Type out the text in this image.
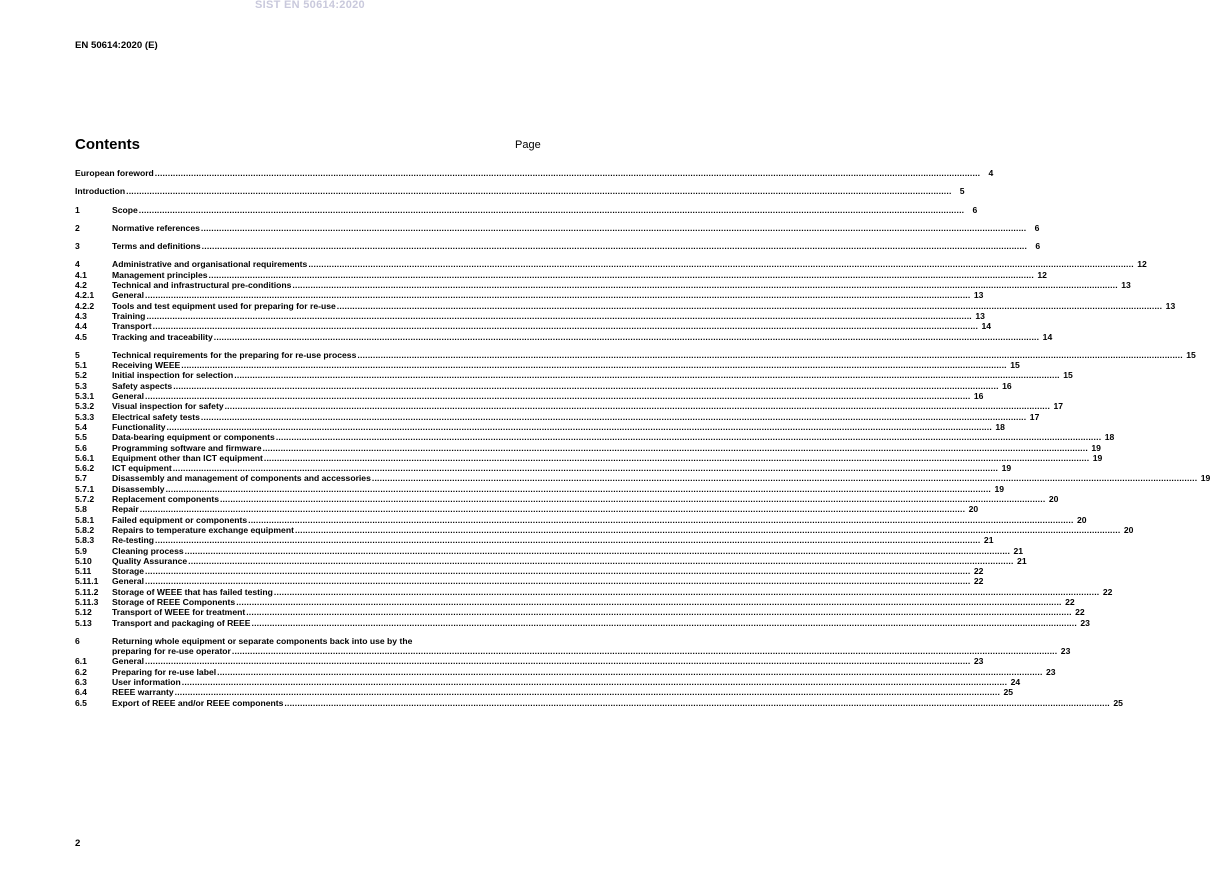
SIST EN 50614:2020
EN 50614:2020 (E)
Contents	Page
European foreword .....	4
Introduction .....	5
1	Scope .....	6
2	Normative references .....	6
3	Terms and definitions .....	6
4	Administrative and organisational requirements .....	12
4.1	Management principles .....	12
4.2	Technical and infrastructural pre-conditions .....	13
4.2.1	General .....	13
4.2.2	Tools and test equipment used for preparing for re-use .....	13
4.3	Training .....	13
4.4	Transport .....	14
4.5	Tracking and traceability .....	14
5	Technical requirements for the preparing for re-use process .....	15
5.1	Receiving WEEE .....	15
5.2	Initial inspection for selection .....	15
5.3	Safety aspects .....	16
5.3.1	General .....	16
5.3.2	Visual inspection for safety .....	17
5.3.3	Electrical safety tests .....	17
5.4	Functionality .....	18
5.5	Data-bearing equipment or components .....	18
5.6	Programming software and firmware .....	19
5.6.1	Equipment other than ICT equipment .....	19
5.6.2	ICT equipment .....	19
5.7	Disassembly and management of components and accessories .....	19
5.7.1	Disassembly .....	19
5.7.2	Replacement components .....	20
5.8	Repair .....	20
5.8.1	Failed equipment or components .....	20
5.8.2	Repairs to temperature exchange equipment .....	20
5.8.3	Re-testing .....	21
5.9	Cleaning process .....	21
5.10	Quality Assurance .....	21
5.11	Storage .....	22
5.11.1	General .....	22
5.11.2	Storage of WEEE that has failed testing .....	22
5.11.3	Storage of REEE Components .....	22
5.12	Transport of WEEE for treatment .....	22
5.13	Transport and packaging of REEE .....	23
6	Returning whole equipment or separate components back into use by the
preparing for re-use operator .....	23
6.1	General .....	23
6.2	Preparing for re-use label .....	23
6.3	User information .....	24
6.4	REEE warranty .....	25
6.5	Export of REEE and/or REEE components .....	25
2
